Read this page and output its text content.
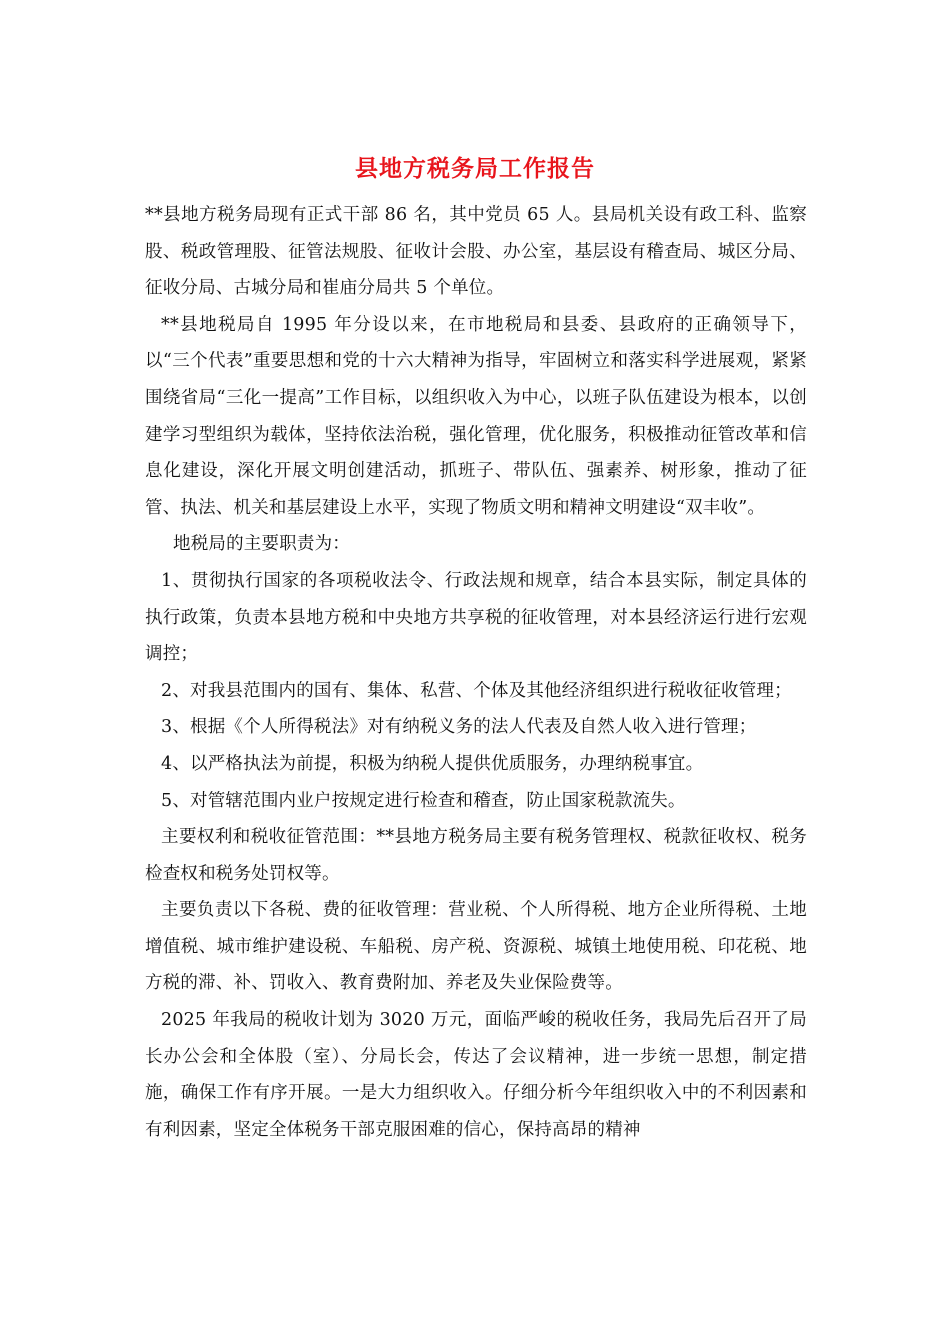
县地方税务局工作报告

**县地方税务局现有正式干部 86 名，其中党员 65 人。县局机关设有政工科、监察股、税政管理股、征管法规股、征收计会股、办公室，基层设有稽查局、城区分局、征收分局、古城分局和崔庙分局共 5 个单位。

**县地税局自 1995 年分设以来，在市地税局和县委、县政府的正确领导下，以“三个代表”重要思想和党的十六大精神为指导，牢固树立和落实科学进展观，紧紧围绕省局“三化一提高”工作目标，以组织收入为中心，以班子队伍建设为根本，以创建学习型组织为载体，坚持依法治税，强化管理，优化服务，积极推动征管改革和信息化建设，深化开展文明创建活动，抓班子、带队伍、强素养、树形象，推动了征管、执法、机关和基层建设上水平，实现了物质文明和精神文明建设“双丰收”。

地税局的主要职责为：

1、贯彻执行国家的各项税收法令、行政法规和规章，结合本县实际，制定具体的执行政策，负责本县地方税和中央地方共享税的征收管理，对本县经济运行进行宏观调控；

2、对我县范围内的国有、集体、私营、个体及其他经济组织进行税收征收管理；

3、根据《个人所得税法》对有纳税义务的法人代表及自然人收入进行管理；

4、以严格执法为前提，积极为纳税人提供优质服务，办理纳税事宜。

5、对管辖范围内业户按规定进行检查和稽查，防止国家税款流失。

主要权利和税收征管范围：**县地方税务局主要有税务管理权、税款征收权、税务检查权和税务处罚权等。

主要负责以下各税、费的征收管理：营业税、个人所得税、地方企业所得税、土地增值税、城市维护建设税、车船税、房产税、资源税、城镇土地使用税、印花税、地方税的滞、补、罚收入、教育费附加、养老及失业保险费等。

2025 年我局的税收计划为 3020 万元，面临严峻的税收任务，我局先后召开了局长办公会和全体股（室）、分局长会，传达了会议精神，进一步统一思想，制定措施，确保工作有序开展。一是大力组织收入。仔细分析今年组织收入中的不利因素和有利因素，坚定全体税务干部克服困难的信心，保持高昂的精神
